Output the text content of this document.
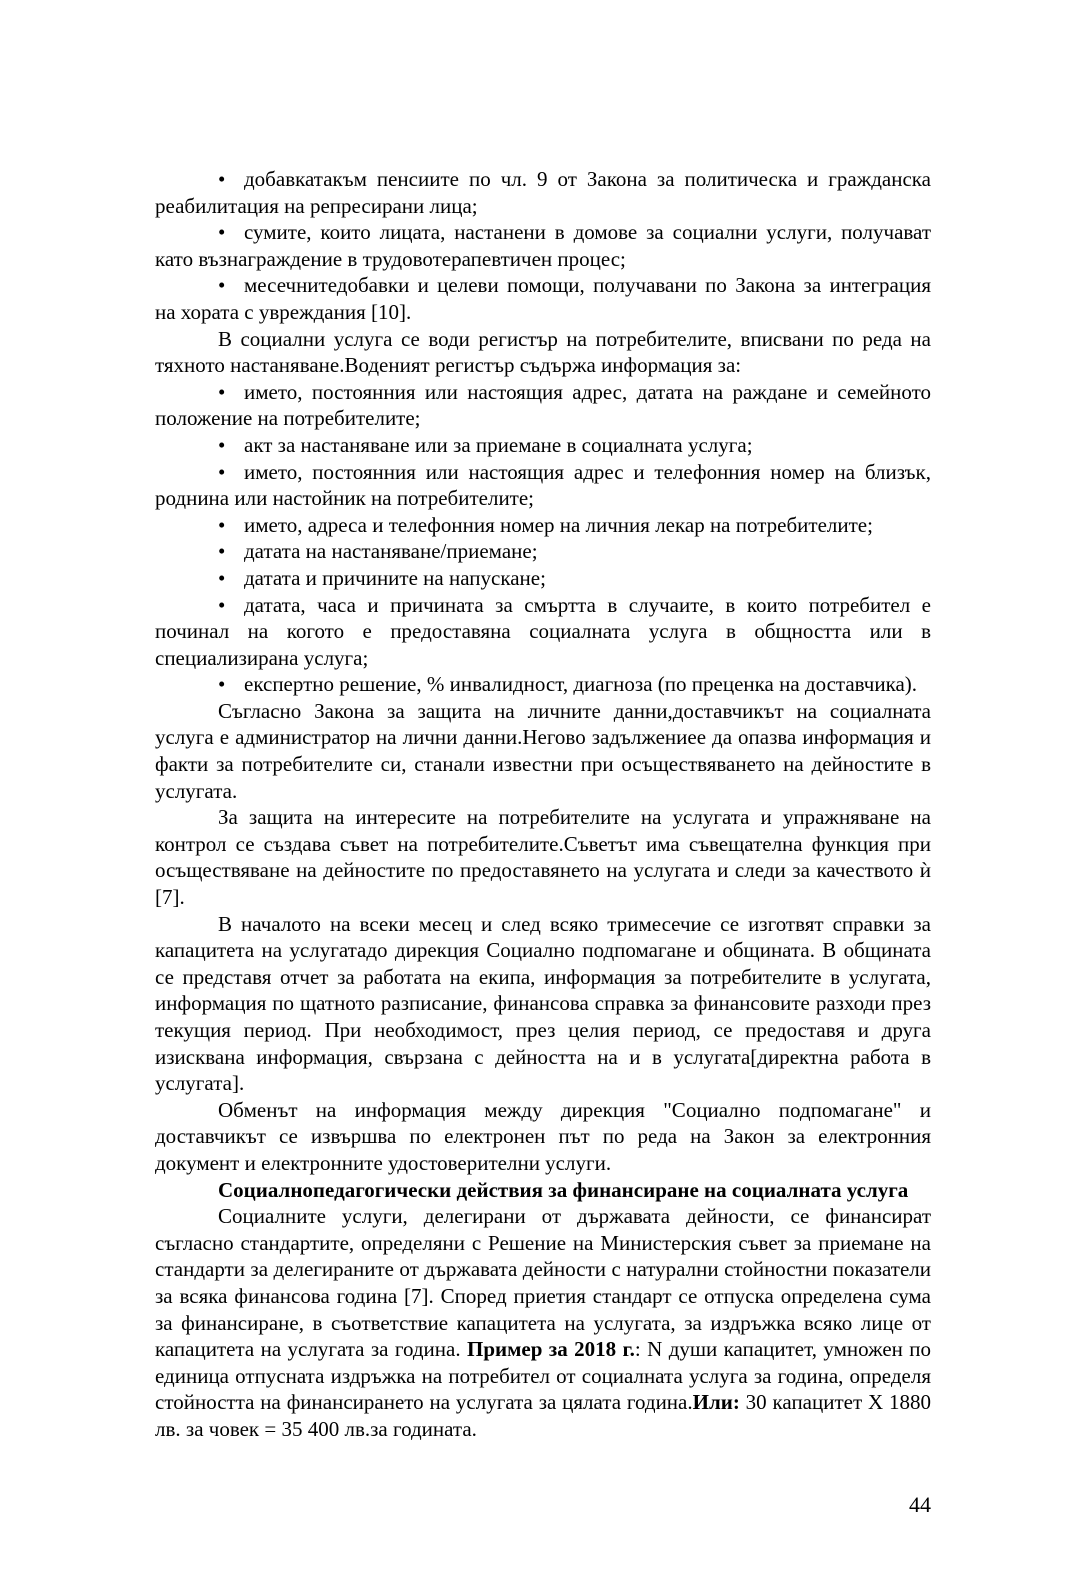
• добавкатакъм пенсиите по чл. 9 от Закона за политическа и гражданска реабилитация на репресирани лица;

• сумите, които лицата, настанени в домове за социални услуги, получават като възнаграждение в трудовотерапевтичен процес;

• месечнитедобавки и целеви помощи, получавани по Закона за интеграция на хората с увреждания [10].

В социални услуга се води регистър на потребителите, вписвани по реда на тяхното настаняване.Воденият регистър съдържа информация за:

• името, постоянния или настоящия адрес, датата на раждане и семейното положение на потребителите;

• акт за настаняване или за приемане в социалната услуга;

• името, постоянния или настоящия адрес и телефонния номер на близък, роднина или настойник на потребителите;

• името, адреса и телефонния номер на личния лекар на потребителите;

• датата на настаняване/приемане;

• датата и причините на напускане;

• датата, часа и причината за смъртта в случаите, в които потребител е починал на когото е предоставяна социалната услуга в общността или в специализирана услуга;

• експертно решение, % инвалидност, диагноза (по преценка на доставчика).

Съгласно Закона за защита на личните данни,доставчикът на социалната услуга е администратор на лични данни.Негово задължениее да опазва информация и факти за потребителите си, станали известни при осъществяването на дейностите в услугата.

За защита на интересите на потребителите на услугата и упражняване на контрол се създава съвет на потребителите.Съветът има съвещателна функция при осъществяване на дейностите по предоставянето на услугата и следи за качеството ѝ [7].

В началото на всеки месец и след всяко тримесечие се изготвят справки за капацитета на услугатадо дирекция Социално подпомагане и общината. В общината се представя отчет за работата на екипа, информация за потребителите в услугата, информация по щатното разписание, финансова справка за финансовите разходи през текущия период. При необходимост, през целия период, се предоставя и друга изисквана информация, свързана с дейността на и в услугата[директна работа в услугата].

Обменът на информация между дирекция "Социално подпомагане" и доставчикът се извършва по електронен път по реда на Закон за електронния документ и електронните удостоверителни услуги.

Социалнопедагогически действия за финансиране на социалната услуга

Социалните услуги, делегирани от държавата дейности, се финансират съгласно стандартите, определяни с Решение на Министерския съвет за приемане на стандарти за делегираните от държавата дейности с натурални стойностни показатели за всяка финансова година [7]. Според приетия стандарт се отпуска определена сума за финансиране, в съответствие капацитета на услугата, за издръжка всяко лице от капацитета на услугата за година. Пример за 2018 г.: N души капацитет, умножен по единица отпусната издръжка на потребител от социалната услуга за година, определя стойността на финансирането на услугата за цялата година.Или: 30 капацитет Х 1880 лв. за човек = 35 400 лв.за годината.

44
